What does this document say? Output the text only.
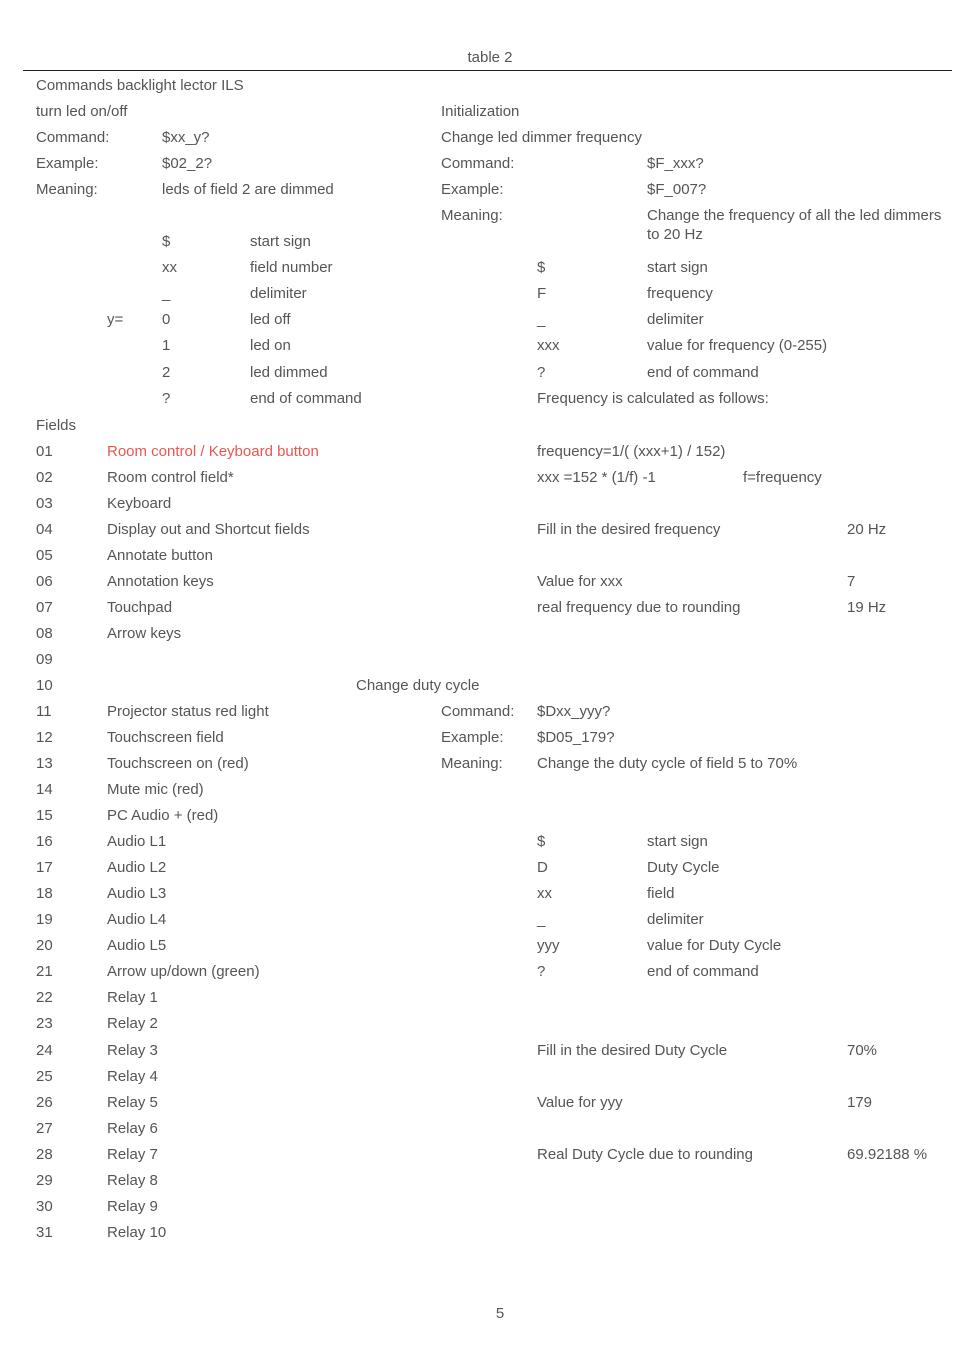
table 2
Commands backlight lector ILS
turn led on/off
Command:	$xx_y?
Example:	$02_2?
Meaning:	leds of field 2 are dimmed
y=
$	start sign
xx	field number
_	delimiter
0	led off
1	led on
2	led dimmed
?	end of command
Fields
01	Room control / Keyboard button
02	Room control field*
03	Keyboard
04	Display out and Shortcut fields
05	Annotate button
06	Annotation keys
07	Touchpad
08	Arrow keys
09
10
11	Projector status red light
12	Touchscreen field
13	Touchscreen on (red)
14	Mute mic (red)
15	PC Audio + (red)
16	Audio L1
17	Audio L2
18	Audio L3
19	Audio L4
20	Audio L5
21	Arrow up/down (green)
22	Relay 1
23	Relay 2
24	Relay 3
25	Relay 4
26	Relay 5
27	Relay 6
28	Relay 7
29	Relay 8
30	Relay 9
31	Relay 10
Initialization
Change led dimmer frequency
Command:	$F_xxx?
Example:	$F_007?
Meaning:	Change the frequency of all the led dimmers
to 20 Hz
$	start sign
F	frequency
_	delimiter
xxx	value for frequency (0-255)
?	end of command
Frequency is calculated as follows:
frequency=1/( (xxx+1) / 152)
xxx =152 * (1/f) -1	f=frequency
Fill in the desired frequency	20 Hz
Value for xxx	7
real frequency due to rounding	19 Hz
Change duty cycle
Command: $Dxx_yyy?
Example: $D05_179?
Meaning: Change the duty cycle of field 5 to 70%
$	start sign
D	Duty Cycle
xx	field
_	delimiter
yyy	value for Duty Cycle
?	end of command
Fill in the desired Duty Cycle	70%
Value for yyy	179
Real Duty Cycle due to rounding	69.92188 %
5
